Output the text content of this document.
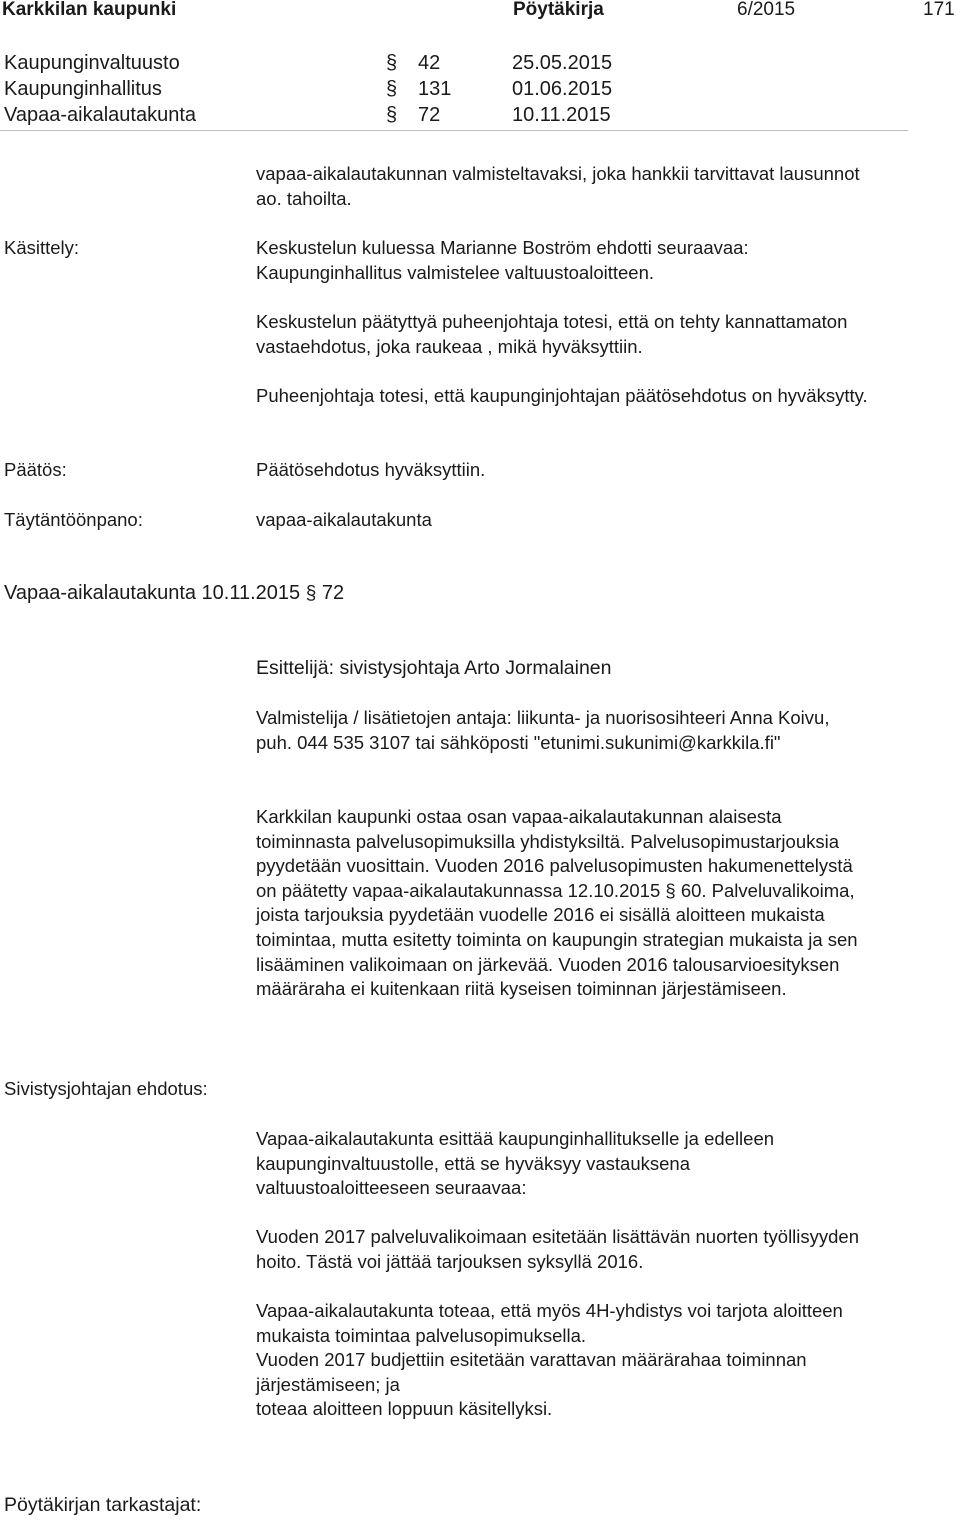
Karkkilan kaupunki	Pöytäkirja	6/2015	171
Kaupunginvaltuusto	§ 42	25.05.2015
Kaupunginhallitus	§ 131	01.06.2015
Vapaa-aikalautakunta	§ 72	10.11.2015
vapaa-aikalautakunnan valmisteltavaksi, joka hankkii tarvittavat lausunnot ao. tahoilta.
Käsittely:	Keskustelun kuluessa Marianne Boström ehdotti seuraavaa: Kaupunginhallitus valmistelee valtuustoaloitteen.
Keskustelun päätyttyä puheenjohtaja totesi, että on tehty kannattamaton vastaehdotus, joka raukeaa , mikä hyväksyttiin.
Puheenjohtaja totesi, että kaupunginjohtajan päätösehdotus on hyväksytty.
Päätös:	Päätösehdotus hyväksyttiin.
Täytäntöönpano:	vapaa-aikalautakunta
Vapaa-aikalautakunta 10.11.2015 § 72
Esittelijä: sivistysjohtaja Arto Jormalainen
Valmistelija / lisätietojen antaja: liikunta- ja nuorisosihteeri Anna Koivu, puh. 044 535 3107 tai sähköposti "etunimi.sukunimi@karkkila.fi"
Karkkilan kaupunki ostaa osan vapaa-aikalautakunnan alaisesta toiminnasta palvelusopimuksilla yhdistyksiltä. Palvelusopimustarjouksia pyydetään vuosittain. Vuoden 2016 palvelusopimusten hakumenettelystä on päätetty vapaa-aikalautakunnassa 12.10.2015 § 60. Palveluvalikoima, joista tarjouksia pyydetään vuodelle 2016 ei sisällä aloitteen mukaista toimintaa, mutta esitetty toiminta on kaupungin strategian mukaista ja sen lisääminen valikoimaan on järkevää. Vuoden 2016 talousarvioesityksen määräraha ei kuitenkaan riitä kyseisen toiminnan järjestämiseen.
Sivistysjohtajan ehdotus:
Vapaa-aikalautakunta esittää kaupunginhallitukselle ja edelleen kaupunginvaltuustolle, että se hyväksyy vastauksena valtuustoaloitteeseen seuraavaa:
Vuoden 2017 palveluvalikoimaan esitetään lisättävän nuorten työllisyyden hoito. Tästä voi jättää tarjouksen syksyllä 2016.
Vapaa-aikalautakunta toteaa, että myös 4H-yhdistys voi tarjota aloitteen mukaista toimintaa palvelusopimuksella.
Vuoden 2017 budjettiin esitetään varattavan määrärahaa toiminnan järjestämiseen; ja
toteaa aloitteen loppuun käsitellyksi.
Pöytäkirjan tarkastajat:
